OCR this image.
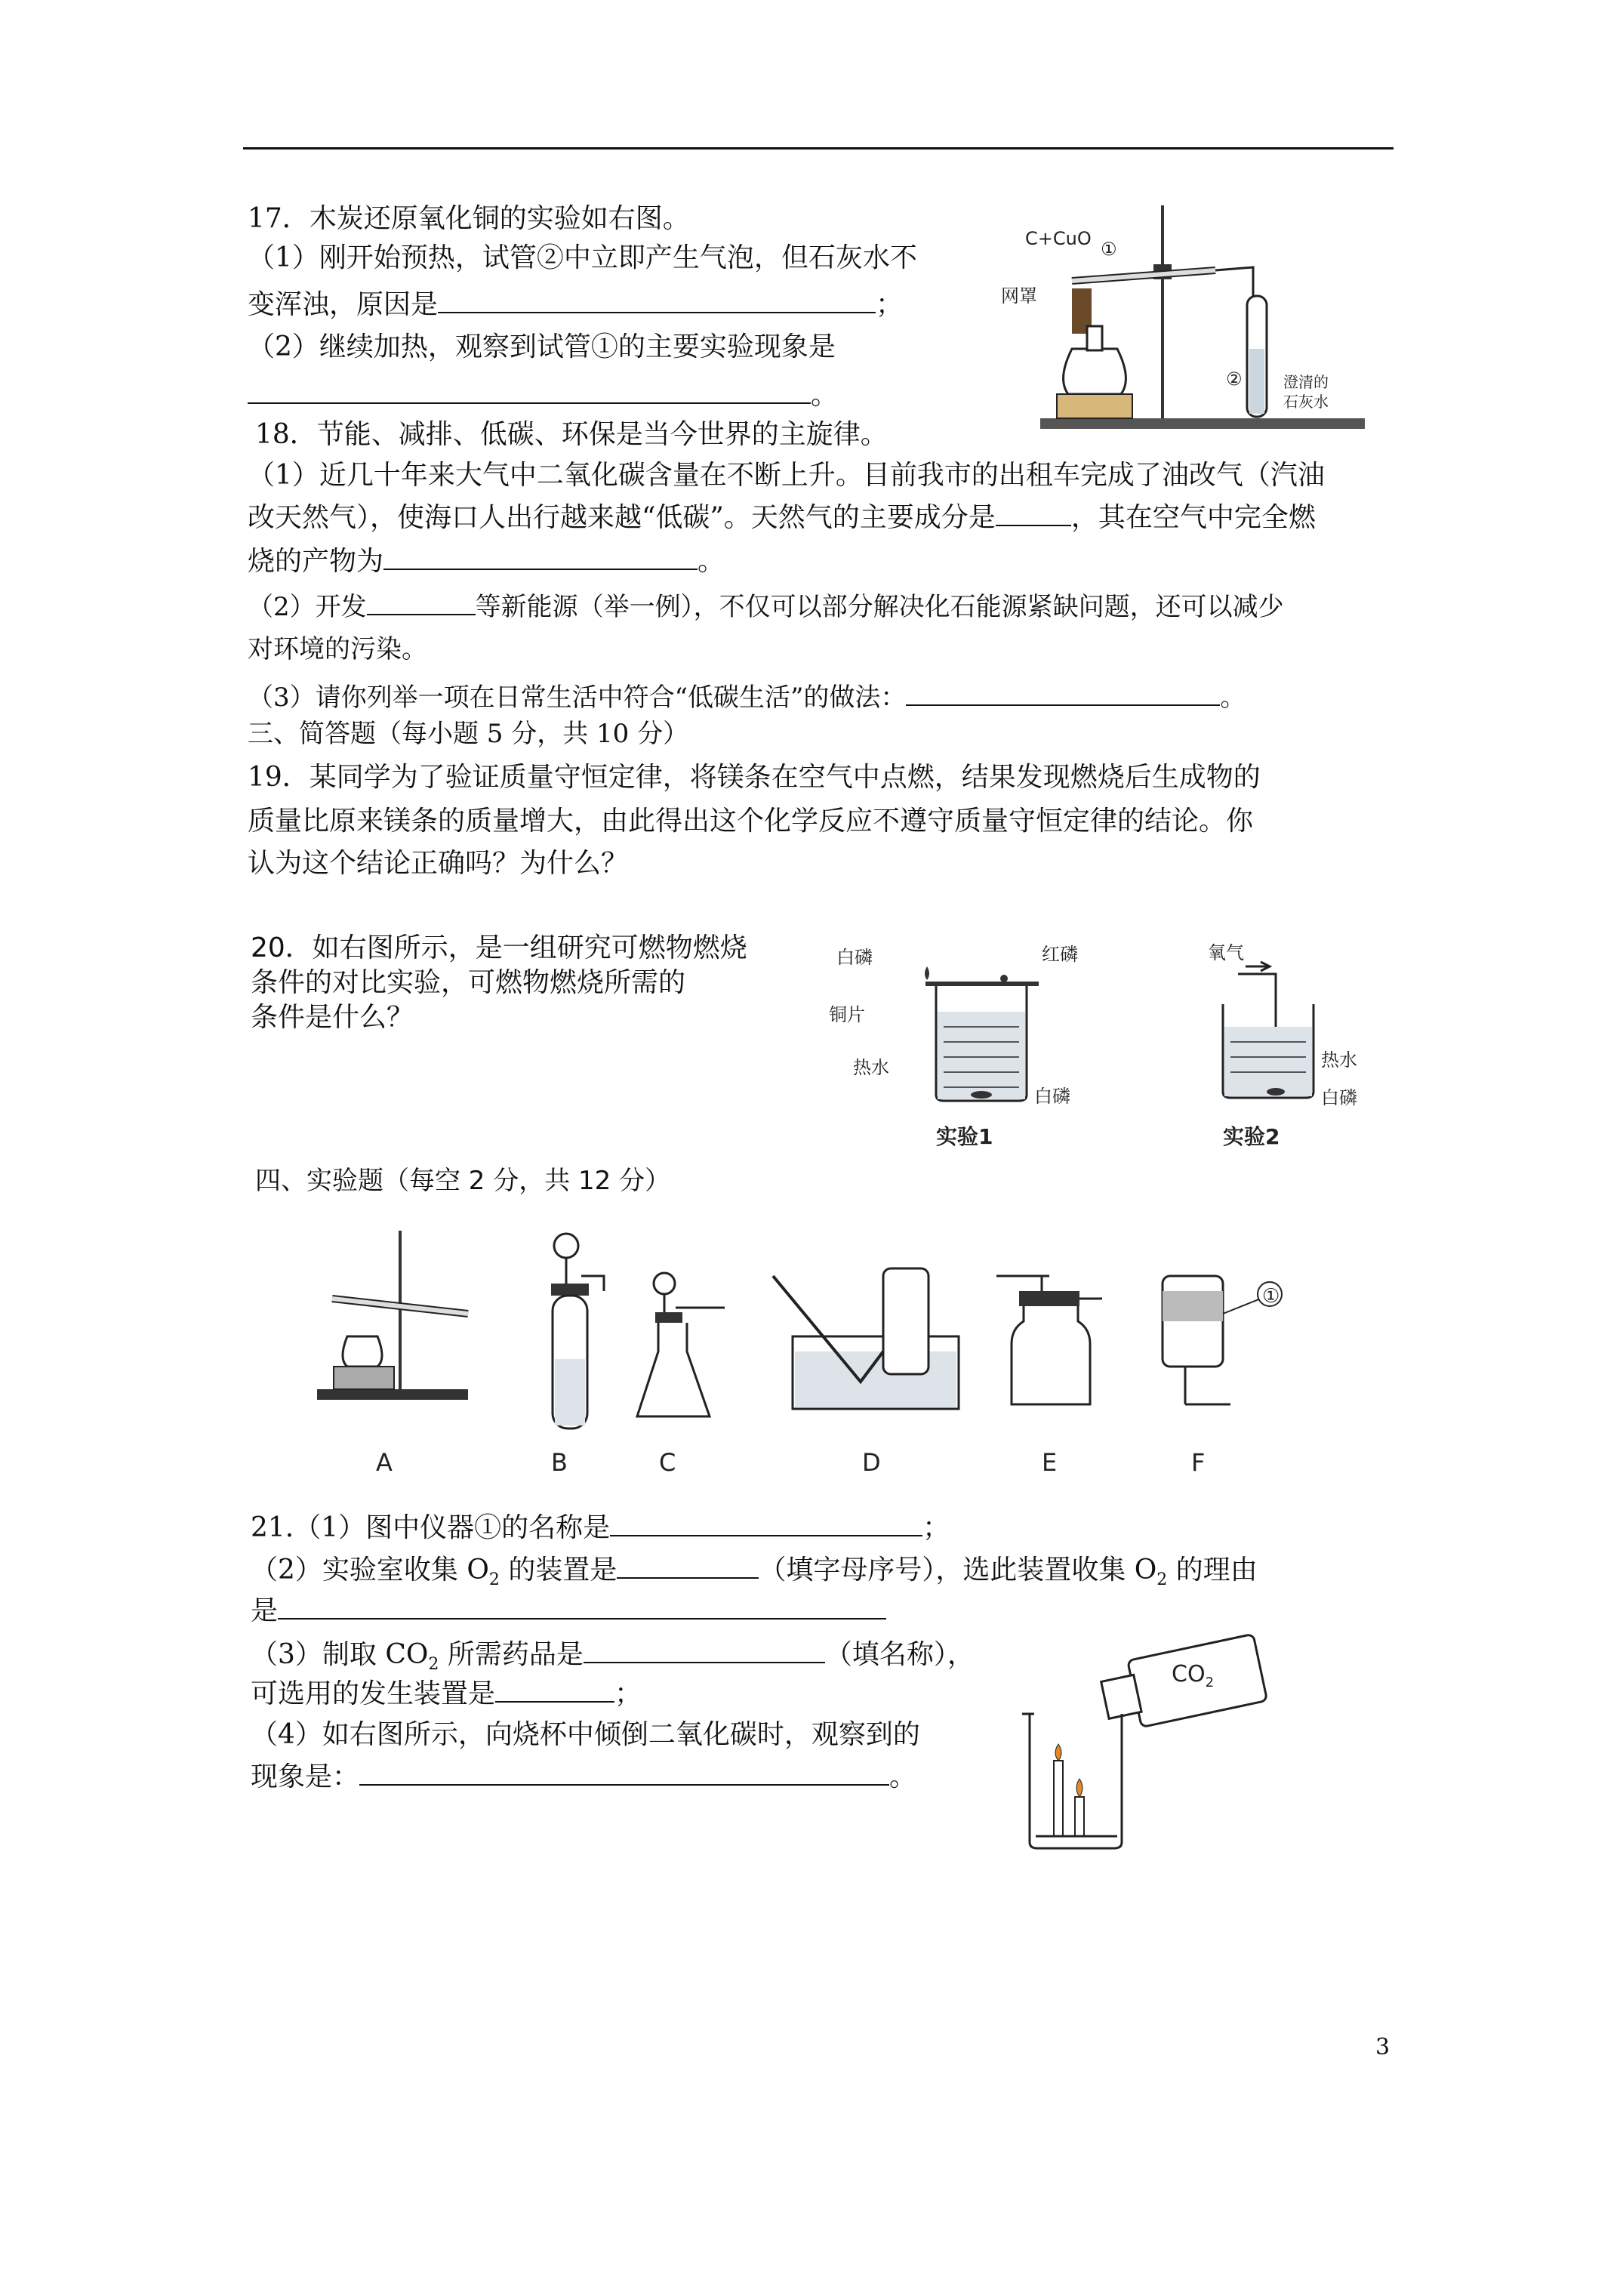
17．木炭还原氧化铜的实验如右图。
（1）刚开始预热，试管②中立即产生气泡，但石灰水不
变浑浊，原因是	；
（2）继续加热，观察到试管①的主要实验现象是
。
C+CuO ①
网罩
②	澄清的
石灰水
18．节能、减排、低碳、环保是当今世界的主旋律。
（1）近几十年来大气中二氧化碳含量在不断上升。目前我市的出租车完成了油改气（汽油
改天然气），使海口人出行越来越“低碳”。天然气的主要成分是	，其在空气中完全燃
烧的产物为	。
（2）开发	等新能源（举一例），不仅可以部分解决化石能源紧缺问题，还可以减少
对环境的污染。
（3）请你列举一项在日常生活中符合“低碳生活”的做法：	。
三、简答题（每小题 5 分，共 10 分）
19．某同学为了验证质量守恒定律，将镁条在空气中点燃，结果发现燃烧后生成物的
质量比原来镁条的质量增大，由此得出这个化学反应不遵守质量守恒定律的结论。你
认为这个结论正确吗？为什么？
20．如右图所示，是一组研究可燃物燃烧
条件的对比实验，可燃物燃烧所需的
条件是什么？
白磷	红磷
铜片
热水
白磷
实验1
氧气
热水
白磷
实验2
四、实验题（每空 2 分，共 12 分）
①
A	B	C	D	E	F
21.（1）图中仪器①的名称是	；
（2）实验室收集 $O_2$ 的装置是	（填字母序号），选此装置收集 $O_2$ 的理由
是
（3）制取 $CO_2$ 所需药品是	（填名称），
可选用的发生装置是	；
（4）如右图所示，向烧杯中倾倒二氧化碳时，观察到的
现象是：	。
$CO_2$
3
